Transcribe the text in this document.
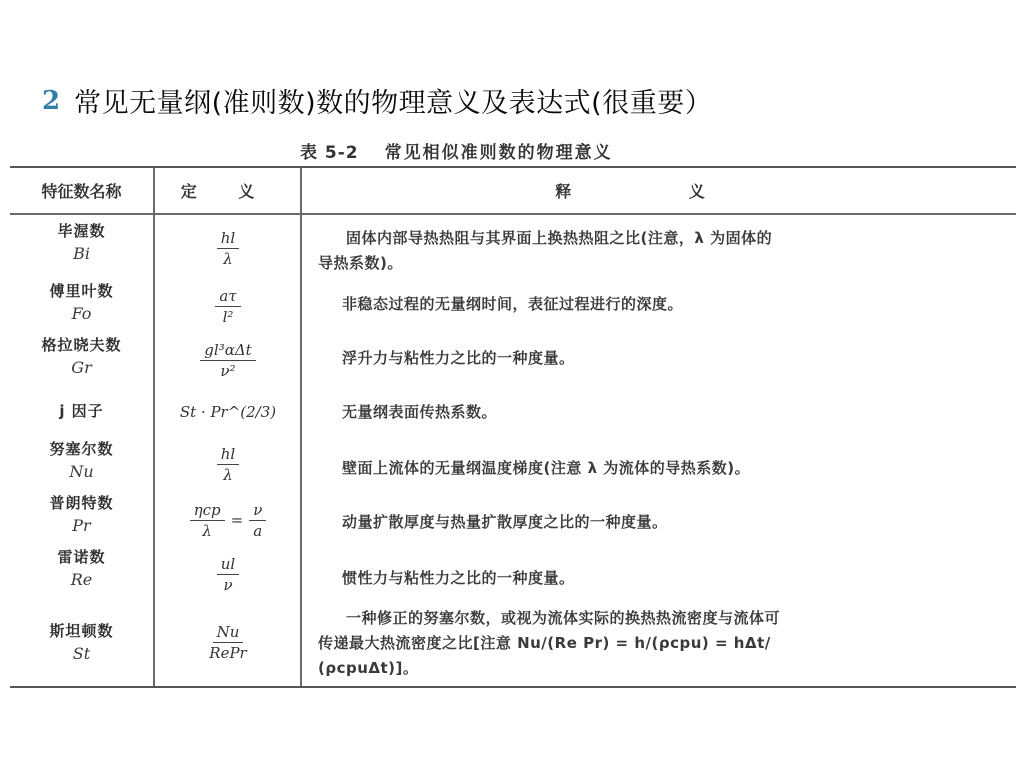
2 常见无量纲(准则数)数的物理意义及表达式(很重要）
表 5-2 常见相似准则数的物理意义
特征数名称	定 义	释 义
毕渥数
Bi	$\frac{hl}{\lambda}$	固体内部导热热阻与其界面上换热热阻之比(注意，λ 为固体的
导热系数)。
傅里叶数
Fo	$\frac{a\tau}{\text{l²}}$	非稳态过程的无量纲时间，表征过程进行的深度。
格拉晓夫数
Gr	$\frac{\text{gl³αΔt}}{\text{ν²}}$	浮升力与粘性力之比的一种度量。
j 因子	St · Pr^(2/3)	无量纲表面传热系数。
努塞尔数
Nu	$\frac{hl}{\lambda}$	壁面上流体的无量纲温度梯度(注意 λ 为流体的导热系数)。
普朗特数
Pr	$\frac{\text{ηcp}}{\lambda} = \frac{\nu}{a}$	动量扩散厚度与热量扩散厚度之比的一种度量。
雷诺数
Re	$\frac{ul}{\nu}$	惯性力与粘性力之比的一种度量。
斯坦顿数
St	$\frac{Nu}{\text{RePr}}$
一种修正的努塞尔数，或视为流体实际的换热热流密度与流体可
传递最大热流密度之比[注意 Nu/(Re Pr) = h/(ρcpu) = hΔt/
(ρcpuΔt)]。
